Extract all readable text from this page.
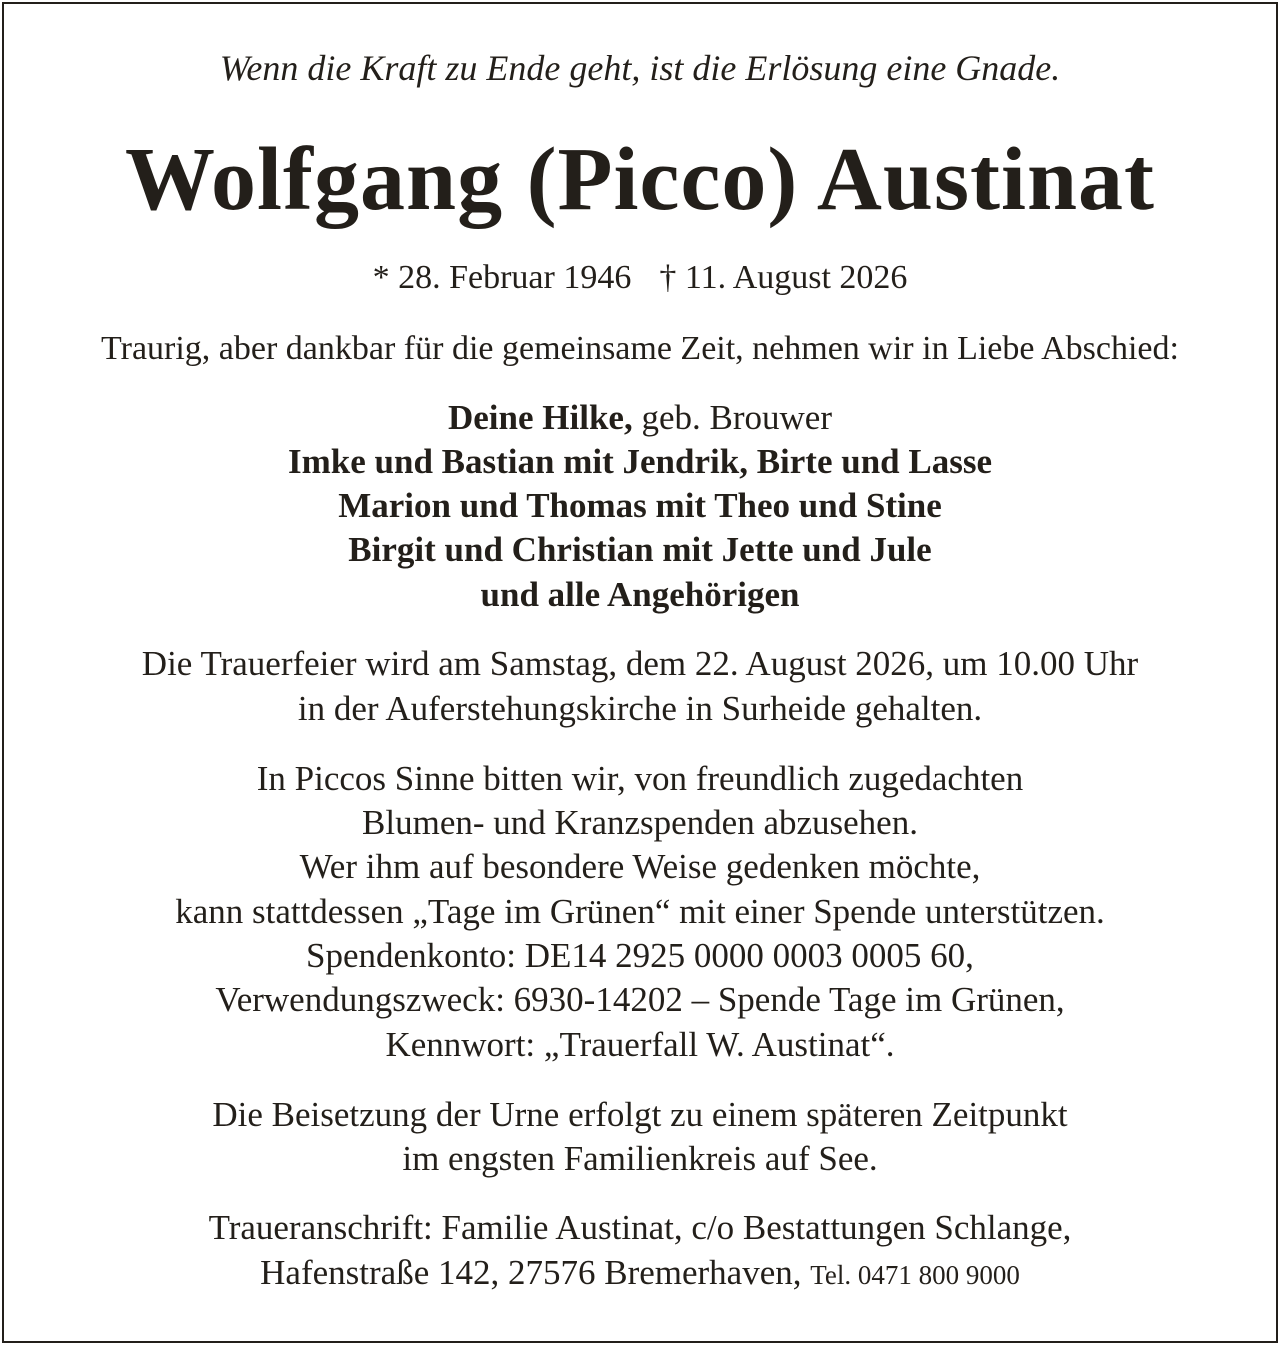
Wenn die Kraft zu Ende geht, ist die Erlösung eine Gnade.
Wolfgang (Picco) Austinat
* 28. Februar 1946 † 11. August 2026
Traurig, aber dankbar für die gemeinsame Zeit, nehmen wir in Liebe Abschied:
Deine Hilke, geb. Brouwer
Imke und Bastian mit Jendrik, Birte und Lasse
Marion und Thomas mit Theo und Stine
Birgit und Christian mit Jette und Jule
und alle Angehörigen
Die Trauerfeier wird am Samstag, dem 22. August 2026, um 10.00 Uhr
in der Auferstehungskirche in Surheide gehalten.
In Piccos Sinne bitten wir, von freundlich zugedachten
Blumen- und Kranzspenden abzusehen.
Wer ihm auf besondere Weise gedenken möchte,
kann stattdessen „Tage im Grünen“ mit einer Spende unterstützen.
Spendenkonto: DE14 2925 0000 0003 0005 60,
Verwendungszweck: 6930-14202 – Spende Tage im Grünen,
Kennwort: „Trauerfall W. Austinat“.
Die Beisetzung der Urne erfolgt zu einem späteren Zeitpunkt
im engsten Familienkreis auf See.
Traueranschrift: Familie Austinat, c/o Bestattungen Schlange,
Hafenstraße 142, 27576 Bremerhaven, Tel. 0471 800 9000
